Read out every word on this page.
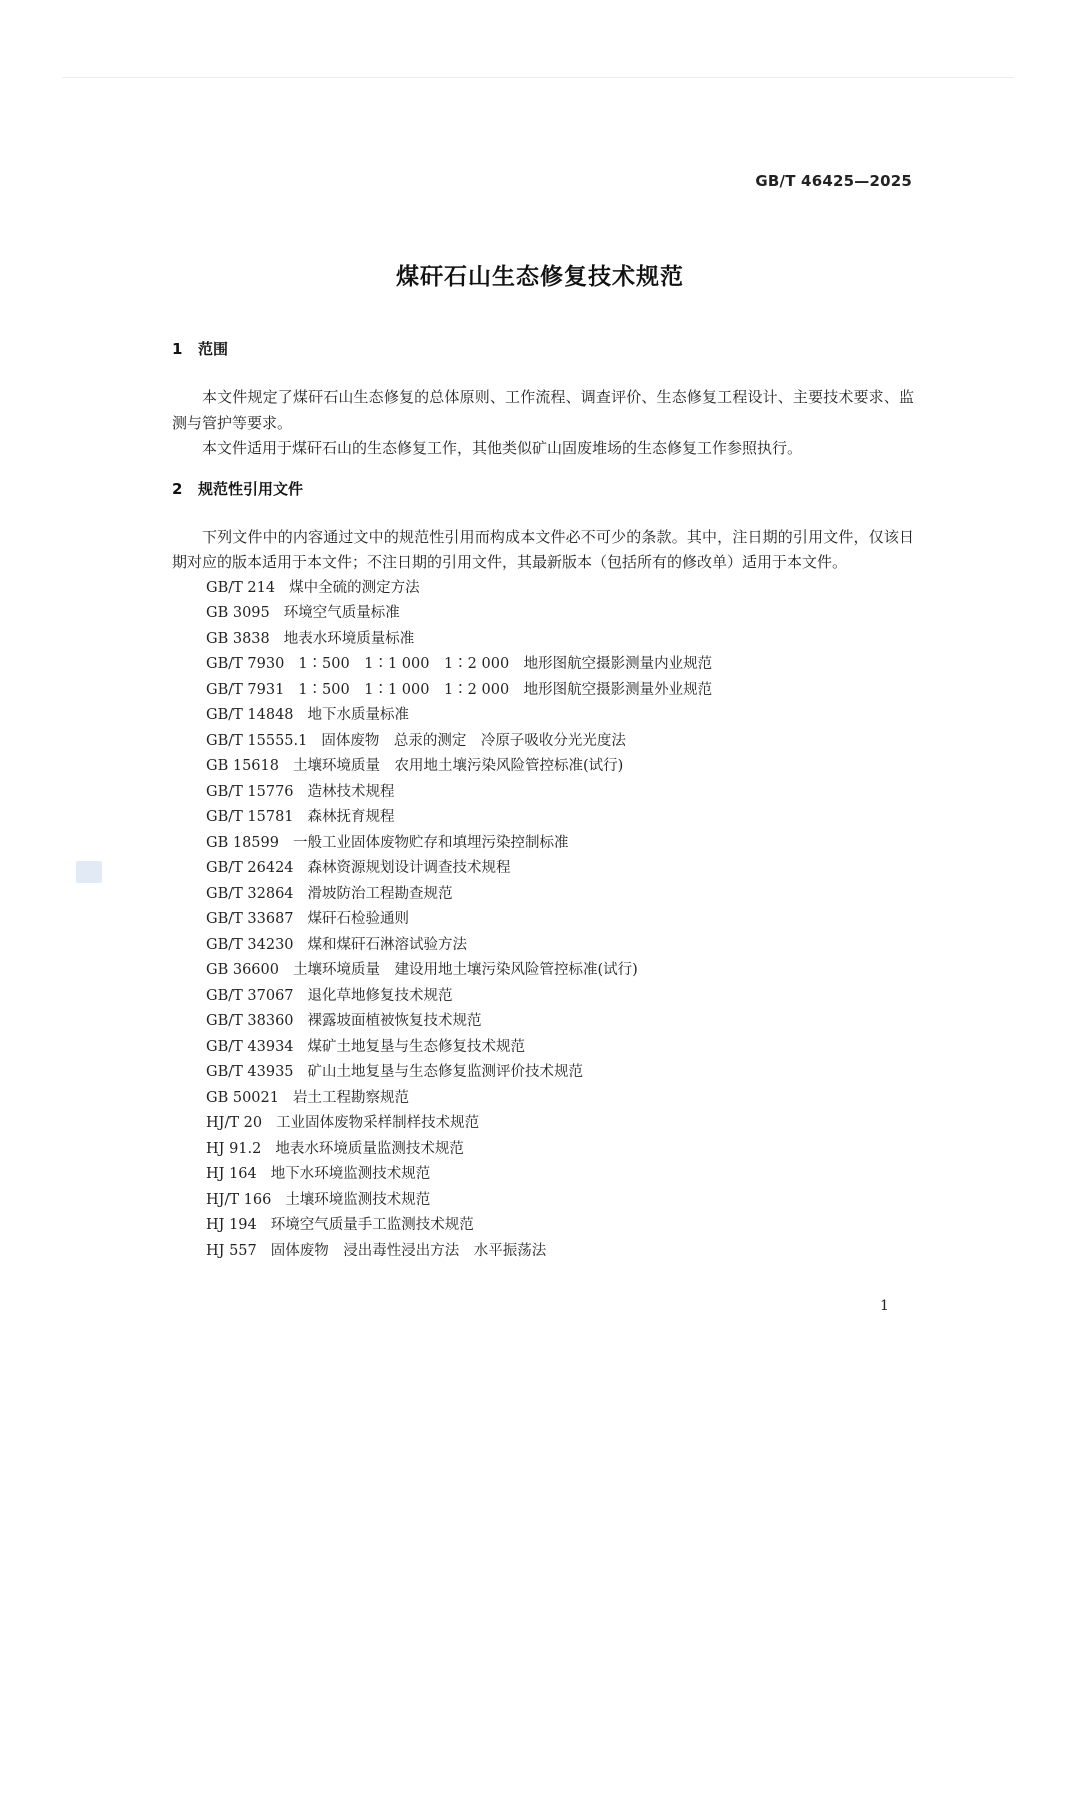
GB/T 46425—2025
煤矸石山生态修复技术规范
1 范围

本文件规定了煤矸石山生态修复的总体原则、工作流程、调查评价、生态修复工程设计、主要技术要求、监测与管护等要求。

本文件适用于煤矸石山的生态修复工作，其他类似矿山固废堆场的生态修复工作参照执行。

2 规范性引用文件

下列文件中的内容通过文中的规范性引用而构成本文件必不可少的条款。其中，注日期的引用文件，仅该日期对应的版本适用于本文件；不注日期的引用文件，其最新版本（包括所有的修改单）适用于本文件。

GB/T 214 煤中全硫的测定方法
GB 3095 环境空气质量标准
GB 3838 地表水环境质量标准
GB/T 7930 1∶500　1∶1 000　1∶2 000　地形图航空摄影测量内业规范
GB/T 7931 1∶500　1∶1 000　1∶2 000　地形图航空摄影测量外业规范
GB/T 14848 地下水质量标准
GB/T 15555.1 固体废物　总汞的测定　冷原子吸收分光光度法
GB 15618 土壤环境质量　农用地土壤污染风险管控标准(试行)
GB/T 15776 造林技术规程
GB/T 15781 森林抚育规程
GB 18599 一般工业固体废物贮存和填埋污染控制标准
GB/T 26424 森林资源规划设计调查技术规程
GB/T 32864 滑坡防治工程勘查规范
GB/T 33687 煤矸石检验通则
GB/T 34230 煤和煤矸石淋溶试验方法
GB 36600 土壤环境质量　建设用地土壤污染风险管控标准(试行)
GB/T 37067 退化草地修复技术规范
GB/T 38360 裸露坡面植被恢复技术规范
GB/T 43934 煤矿土地复垦与生态修复技术规范
GB/T 43935 矿山土地复垦与生态修复监测评价技术规范
GB 50021 岩土工程勘察规范
HJ/T 20 工业固体废物采样制样技术规范
HJ 91.2 地表水环境质量监测技术规范
HJ 164 地下水环境监测技术规范
HJ/T 166 土壤环境监测技术规范
HJ 194 环境空气质量手工监测技术规范
HJ 557 固体废物　浸出毒性浸出方法　水平振荡法
1
